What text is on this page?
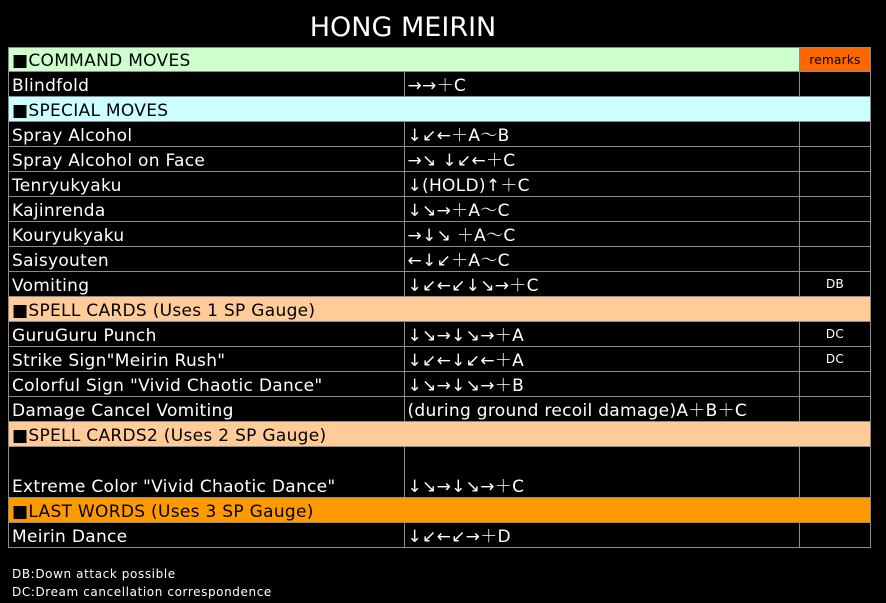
HONG MEIRIN
■COMMAND MOVES		remarks
Blindfold	→→＋C	
■SPECIAL MOVES		
Spray Alcohol	↓↙←＋A～B	
Spray Alcohol on Face	→↘ ↓↙←＋C	
Tenryukyaku	↓(HOLD)↑＋C	
Kajinrenda	↓↘→＋A～C	
Kouryukyaku	→↓↘ ＋A～C	
Saisyouten	←↓↙＋A～C	
Vomiting	↓↙←↙↓↘→＋C	DB
■SPELL CARDS (Uses 1 SP Gauge)		
GuruGuru Punch	↓↘→↓↘→＋A	DC
Strike Sign"Meirin Rush"	↓↙←↓↙←＋A	DC
Colorful Sign "Vivid Chaotic Dance"	↓↘→↓↘→＋B	
Damage Cancel Vomiting	(during ground recoil damage)A＋B＋C	
■SPELL CARDS2 (Uses 2 SP Gauge)		
Extreme Color "Vivid Chaotic Dance"	↓↘→↓↘→＋C	
■LAST WORDS (Uses 3 SP Gauge)		
Meirin Dance	↓↙←↙→＋D	
DB:Down attack possible
DC:Dream cancellation correspondence
